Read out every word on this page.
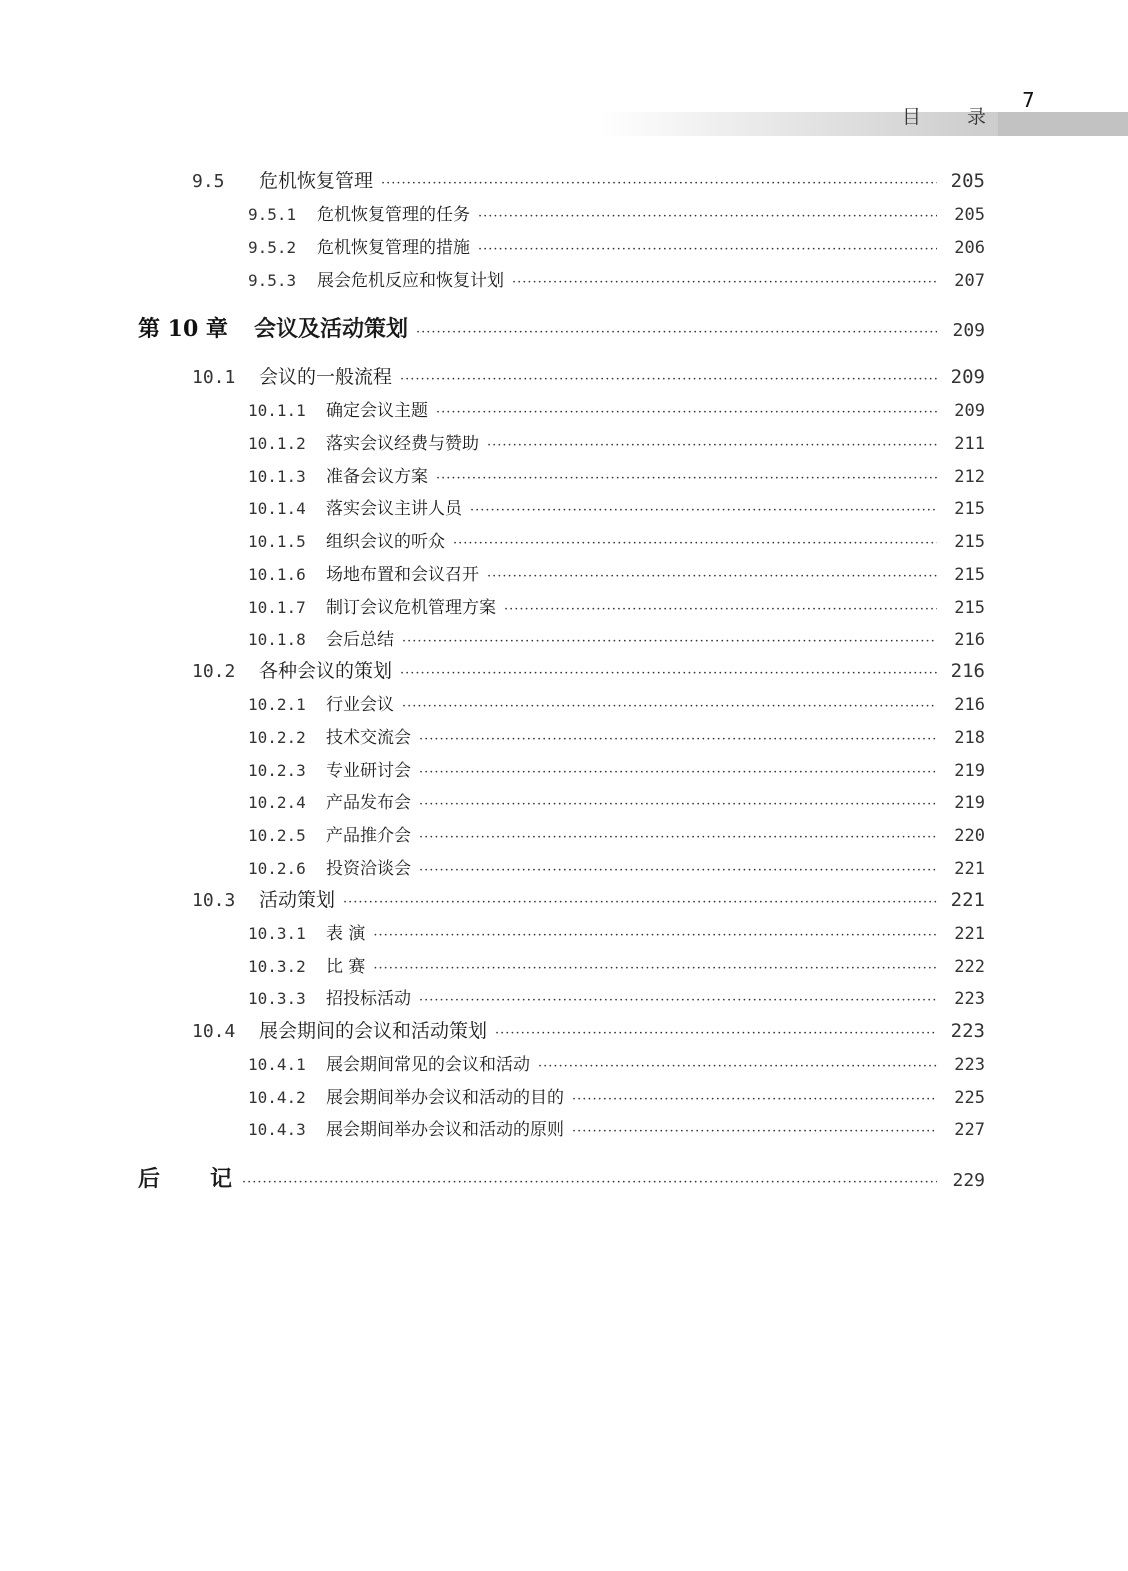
目录
7
9.5	危机恢复管理 ·····	205
9.5.1	危机恢复管理的任务 ·····	205
9.5.2	危机恢复管理的措施 ·····	206
9.5.3	展会危机反应和恢复计划 ·····	207
第 10 章	会议及活动策划 ·····	209
10.1	会议的一般流程 ·····	209
10.1.1	确定会议主题 ·····	209
10.1.2	落实会议经费与赞助 ·····	211
10.1.3	准备会议方案 ·····	212
10.1.4	落实会议主讲人员 ·····	215
10.1.5	组织会议的听众 ·····	215
10.1.6	场地布置和会议召开 ·····	215
10.1.7	制订会议危机管理方案 ·····	215
10.1.8	会后总结 ·····	216
10.2	各种会议的策划 ·····	216
10.2.1	行业会议 ·····	216
10.2.2	技术交流会 ·····	218
10.2.3	专业研讨会 ·····	219
10.2.4	产品发布会 ·····	219
10.2.5	产品推介会 ·····	220
10.2.6	投资洽谈会 ·····	221
10.3	活动策划 ·····	221
10.3.1	表 演 ·····	221
10.3.2	比 赛 ·····	222
10.3.3	招投标活动 ·····	223
10.4	展会期间的会议和活动策划 ·····	223
10.4.1	展会期间常见的会议和活动 ·····	223
10.4.2	展会期间举办会议和活动的目的 ·····	225
10.4.3	展会期间举办会议和活动的原则 ·····	227
后记 ·····	229
